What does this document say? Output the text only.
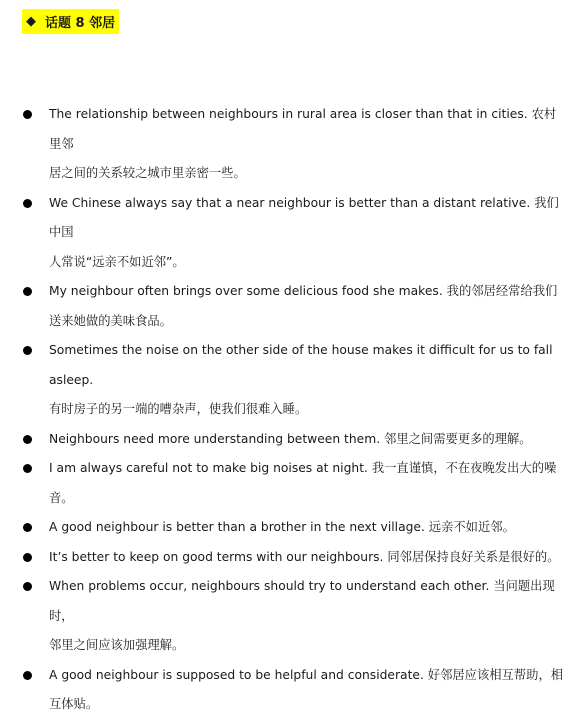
◆ 话题 8 邻居
The relationship between neighbours in rural area is closer than that in cities. 农村里邻
居之间的关系较之城市里亲密一些。
We Chinese always say that a near neighbour is better than a distant relative. 我们中国
人常说“远亲不如近邻”。
My neighbour often brings over some delicious food she makes. 我的邻居经常给我们
送来她做的美味食品。
Sometimes the noise on the other side of the house makes it difficult for us to fall asleep.
有时房子的另一端的嘈杂声，使我们很难入睡。
Neighbours need more understanding between them. 邻里之间需要更多的理解。
I am always careful not to make big noises at night. 我一直谨慎，不在夜晚发出大的噪
音。
A good neighbour is better than a brother in the next village. 远亲不如近邻。
It’s better to keep on good terms with our neighbours. 同邻居保持良好关系是很好的。
When problems occur, neighbours should try to understand each other. 当问题出现时，
邻里之间应该加强理解。
A good neighbour is supposed to be helpful and considerate. 好邻居应该相互帮助，相
互体贴。
